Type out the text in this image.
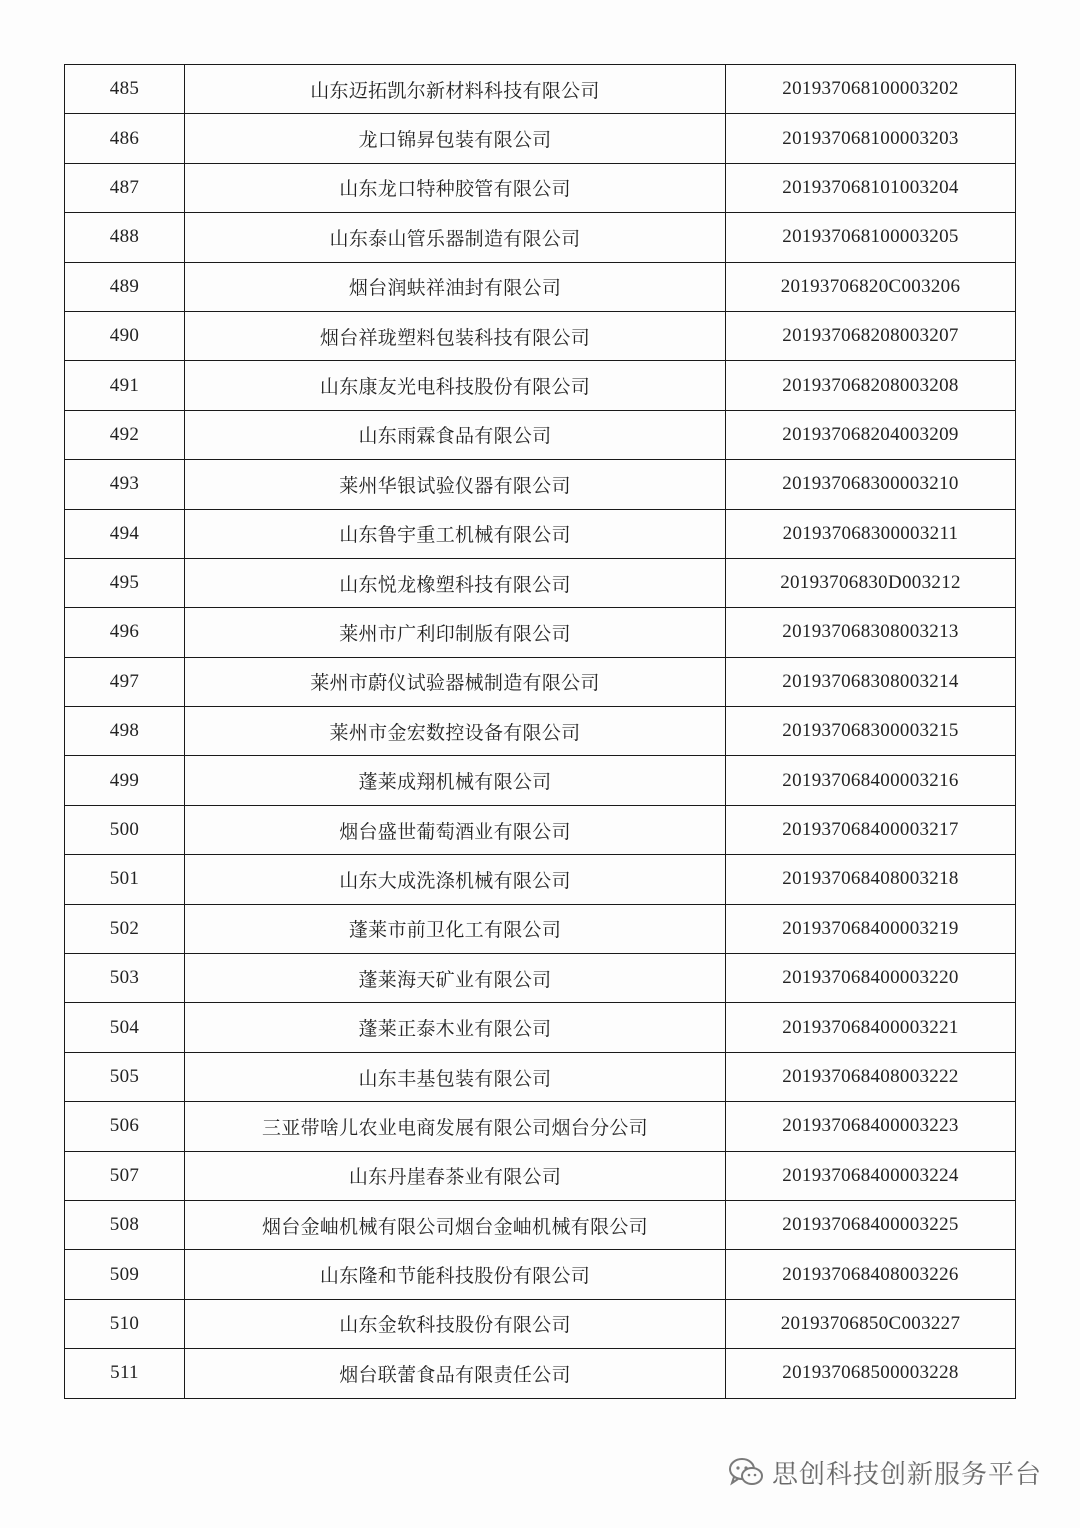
485	山东迈拓凯尔新材料科技有限公司	201937068100003202
486	龙口锦昇包装有限公司	201937068100003203
487	山东龙口特种胶管有限公司	201937068101003204
488	山东泰山管乐器制造有限公司	201937068100003205
489	烟台润蚨祥油封有限公司	20193706820C003206
490	烟台祥珑塑料包装科技有限公司	201937068208003207
491	山东康友光电科技股份有限公司	201937068208003208
492	山东雨霖食品有限公司	201937068204003209
493	莱州华银试验仪器有限公司	201937068300003210
494	山东鲁宇重工机械有限公司	201937068300003211
495	山东悦龙橡塑科技有限公司	20193706830D003212
496	莱州市广利印制版有限公司	201937068308003213
497	莱州市蔚仪试验器械制造有限公司	201937068308003214
498	莱州市金宏数控设备有限公司	201937068300003215
499	蓬莱成翔机械有限公司	201937068400003216
500	烟台盛世葡萄酒业有限公司	201937068400003217
501	山东大成洗涤机械有限公司	201937068408003218
502	蓬莱市前卫化工有限公司	201937068400003219
503	蓬莱海天矿业有限公司	201937068400003220
504	蓬莱正泰木业有限公司	201937068400003221
505	山东丰基包装有限公司	201937068408003222
506	三亚带啥儿农业电商发展有限公司烟台分公司	201937068400003223
507	山东丹崖春茶业有限公司	201937068400003224
508	烟台金岫机械有限公司烟台金岫机械有限公司	201937068400003225
509	山东隆和节能科技股份有限公司	201937068408003226
510	山东金软科技股份有限公司	20193706850C003227
511	烟台联蕾食品有限责任公司	201937068500003228
思创科技创新服务平台
